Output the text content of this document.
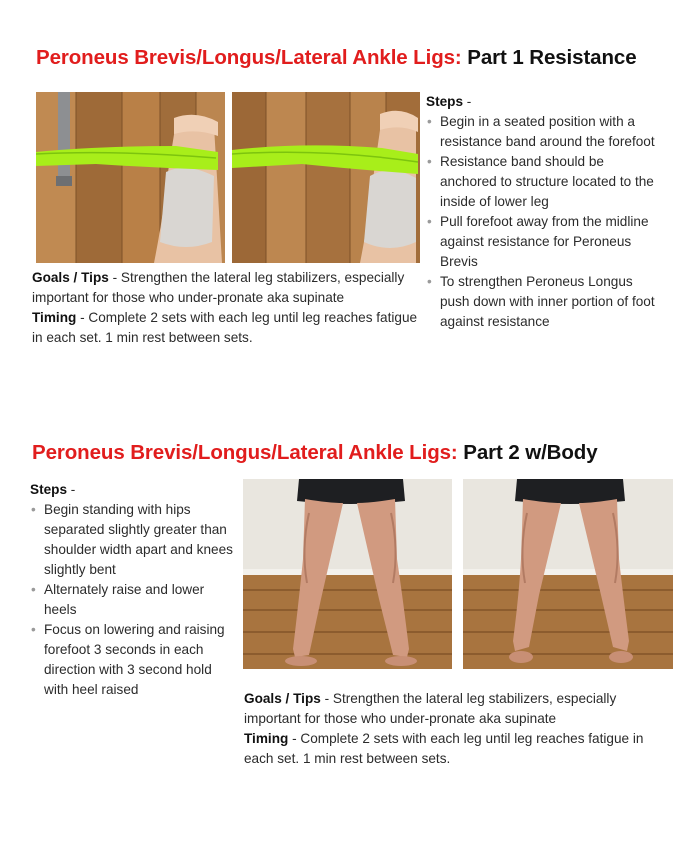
Peroneus Brevis/Longus/Lateral Ankle Ligs: Part 1 Resistance
Steps -
• Begin in a seated position with a resistance band around the forefoot
• Resistance band should be anchored to structure located to the inside of lower leg
• Pull forefoot away from the midline against resistance for Peroneus Brevis
• To strengthen Peroneus Longus push down with inner portion of foot against resistance
Goals / Tips - Strengthen the lateral leg stabilizers, especially important for those who under-pronate aka supinate
Timing - Complete 2 sets with each leg until leg reaches fatigue in each set. 1 min rest between sets.
Peroneus Brevis/Longus/Lateral Ankle Ligs: Part 2 w/Body
Steps -
• Begin standing with hips separated slightly greater than shoulder width apart and knees slightly bent
• Alternately raise and lower heels
• Focus on lowering and raising forefoot 3 seconds in each direction with 3 second hold with heel raised
Goals / Tips - Strengthen the lateral leg stabilizers, especially important for those who under-pronate aka supinate
Timing - Complete 2 sets with each leg until leg reaches fatigue in each set. 1 min rest between sets.
